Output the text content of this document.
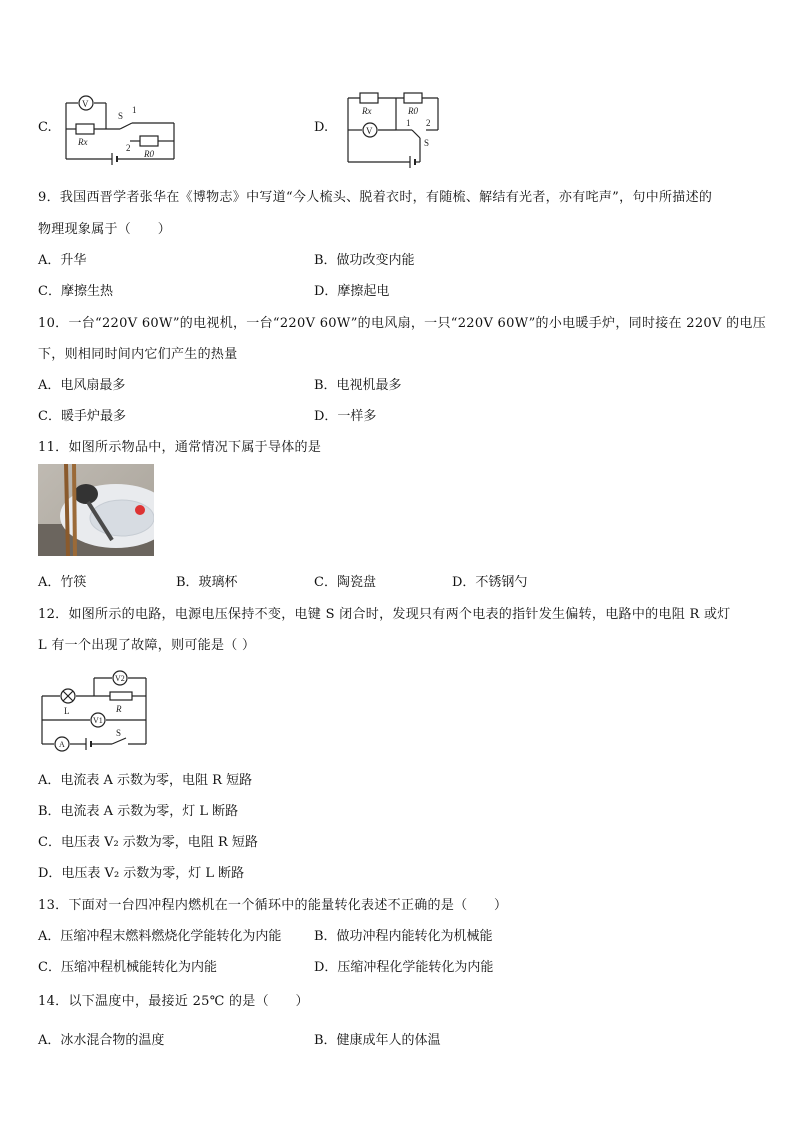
C.
V
S
1
2
Rx
R0
D.
Rx	R0
V
1 2
S
9．我国西晋学者张华在《博物志》中写道“今人梳头、脱着衣时，有随梳、解结有光者，亦有咤声”，句中所描述的
物理现象属于（　　）
A．升华	B．做功改变内能
C．摩擦生热	D．摩擦起电
10．一台“220V 60W”的电视机，一台“220V 60W”的电风扇，一只“220V 60W”的小电暖手炉，同时接在 220V 的电压
下，则相同时间内它们产生的热量
A．电风扇最多	B．电视机最多
C．暖手炉最多	D．一样多
11．如图所示物品中，通常情况下属于导体的是
A．竹筷	B．玻璃杯	C．陶瓷盘	D．不锈钢勺
12．如图所示的电路，电源电压保持不变，电键 S 闭合时，发现只有两个电表的指针发生偏转，电路中的电阻 R 或灯
L 有一个出现了故障，则可能是（ ）
V2
V1
R
L
A
S
A．电流表 A 示数为零，电阻 R 短路
B．电流表 A 示数为零，灯 L 断路
C．电压表 V₂ 示数为零，电阻 R 短路
D．电压表 V₂ 示数为零，灯 L 断路
13．下面对一台四冲程内燃机在一个循环中的能量转化表述不正确的是（　　）
A．压缩冲程末燃料燃烧化学能转化为内能	B．做功冲程内能转化为机械能
C．压缩冲程机械能转化为内能	D．压缩冲程化学能转化为内能
14．以下温度中，最接近 25℃ 的是（　　）
A．冰水混合物的温度	B．健康成年人的体温
